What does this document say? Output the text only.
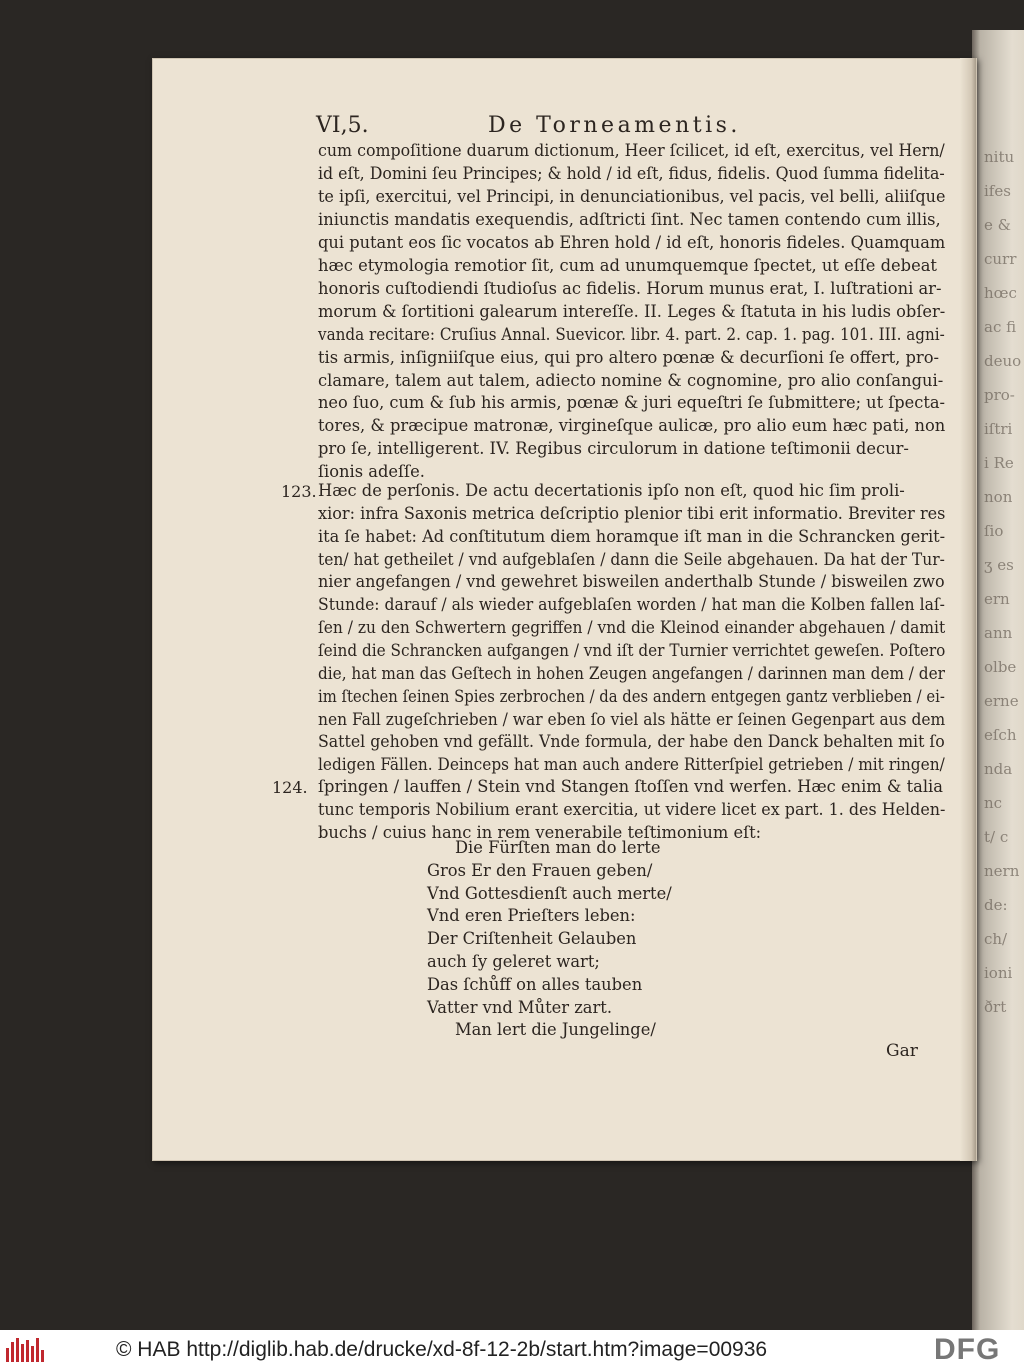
nitu
ifes
e &
curr
hœc
ac fi
deuo
pro-
iſtri
i Re
non
ſio
ʒ es
ern
ann
olbe
erne
eſch
nda
nc
t/ c
nern
de:
ch/
ioni
ðrt
VI,5.	De Torneamentis.
cum compoſitione duarum dictionum, Heer ſcilicet, id eſt, exercitus, vel Hern/
id eſt, Domini ſeu Principes; & hold / id eſt, fidus, fidelis. Quod ſumma fidelita-
te ipſi, exercitui, vel Principi, in denunciationibus, vel pacis, vel belli, aliiſque
iniunctis mandatis exequendis, adſtricti ſint. Nec tamen contendo cum illis,
qui putant eos ſic vocatos ab Ehren hold / id eſt, honoris fideles. Quamquam
hæc etymologia remotior ſit, cum ad unumquemque ſpectet, ut eſſe debeat
honoris cuſtodiendi ſtudioſus ac fidelis. Horum munus erat, I. luſtrationi ar-
morum & ſortitioni galearum intereſſe. II. Leges & ſtatuta in his ludis obſer-
vanda recitare: Cruſius Annal. Suevicor. libr. 4. part. 2. cap. 1. pag. 101. III. agni-
tis armis, inſigniiſque eius, qui pro altero pœnæ & decurſioni ſe offert, pro-
clamare, talem aut talem, adiecto nomine & cognomine, pro alio conſangui-
neo ſuo, cum & ſub his armis, pœnæ & juri equeſtri ſe ſubmittere; ut ſpecta-
tores, & præcipue matronæ, virgineſque aulicæ, pro alio eum hæc pati, non
pro ſe, intelligerent. IV. Regibus circulorum in datione teſtimonii decur-
ſionis adeſſe.
Hæc de perſonis. De actu decertationis ipſo non eſt, quod hic ſim proli-
xior: infra Saxonis metrica deſcriptio plenior tibi erit informatio. Breviter res
ita ſe habet: Ad conſtitutum diem horamque iſt man in die Schrancken gerit-
ten/ hat getheilet / vnd aufgeblaſen / dann die Seile abgehauen. Da hat der Tur-
nier angefangen / vnd gewehret bisweilen anderthalb Stunde / bisweilen zwo
Stunde: darauf / als wieder aufgeblaſen worden / hat man die Kolben fallen laſ-
ſen / zu den Schwertern gegriffen / vnd die Kleinod einander abgehauen / damit
ſeind die Schrancken aufgangen / vnd iſt der Turnier verrichtet geweſen. Poſtero
die, hat man das Geſtech in hohen Zeugen angefangen / darinnen man dem / der
im ſtechen ſeinen Spies zerbrochen / da des andern entgegen gantz verblieben / ei-
nen Fall zugeſchrieben / war eben ſo viel als hätte er ſeinen Gegenpart aus dem
Sattel gehoben vnd gefällt. Vnde formula, der habe den Danck behalten mit ſo
ledigen Fällen. Deinceps hat man auch andere Ritterſpiel getrieben / mit ringen/
ſpringen / lauffen / Stein vnd Stangen ſtoſſen vnd werfen. Hæc enim & talia
tunc temporis Nobilium erant exercitia, ut videre licet ex part. 1. des Helden-
buchs / cuius hanc in rem venerabile teſtimonium eſt:
123.
124.
Die Fürſten man do lerte
Gros Er den Frauen geben/
Vnd Gottesdienſt auch merte/
Vnd eren Prieſters leben:
Der Criſtenheit Gelauben
auch ſy geleret wart;
Das ſchůff on alles tauben
Vatter vnd Můter zart.
Man lert die Jungelinge/
Gar
© HAB http://diglib.hab.de/drucke/xd-8f-12-2b/start.htm?image=00936	DFG
